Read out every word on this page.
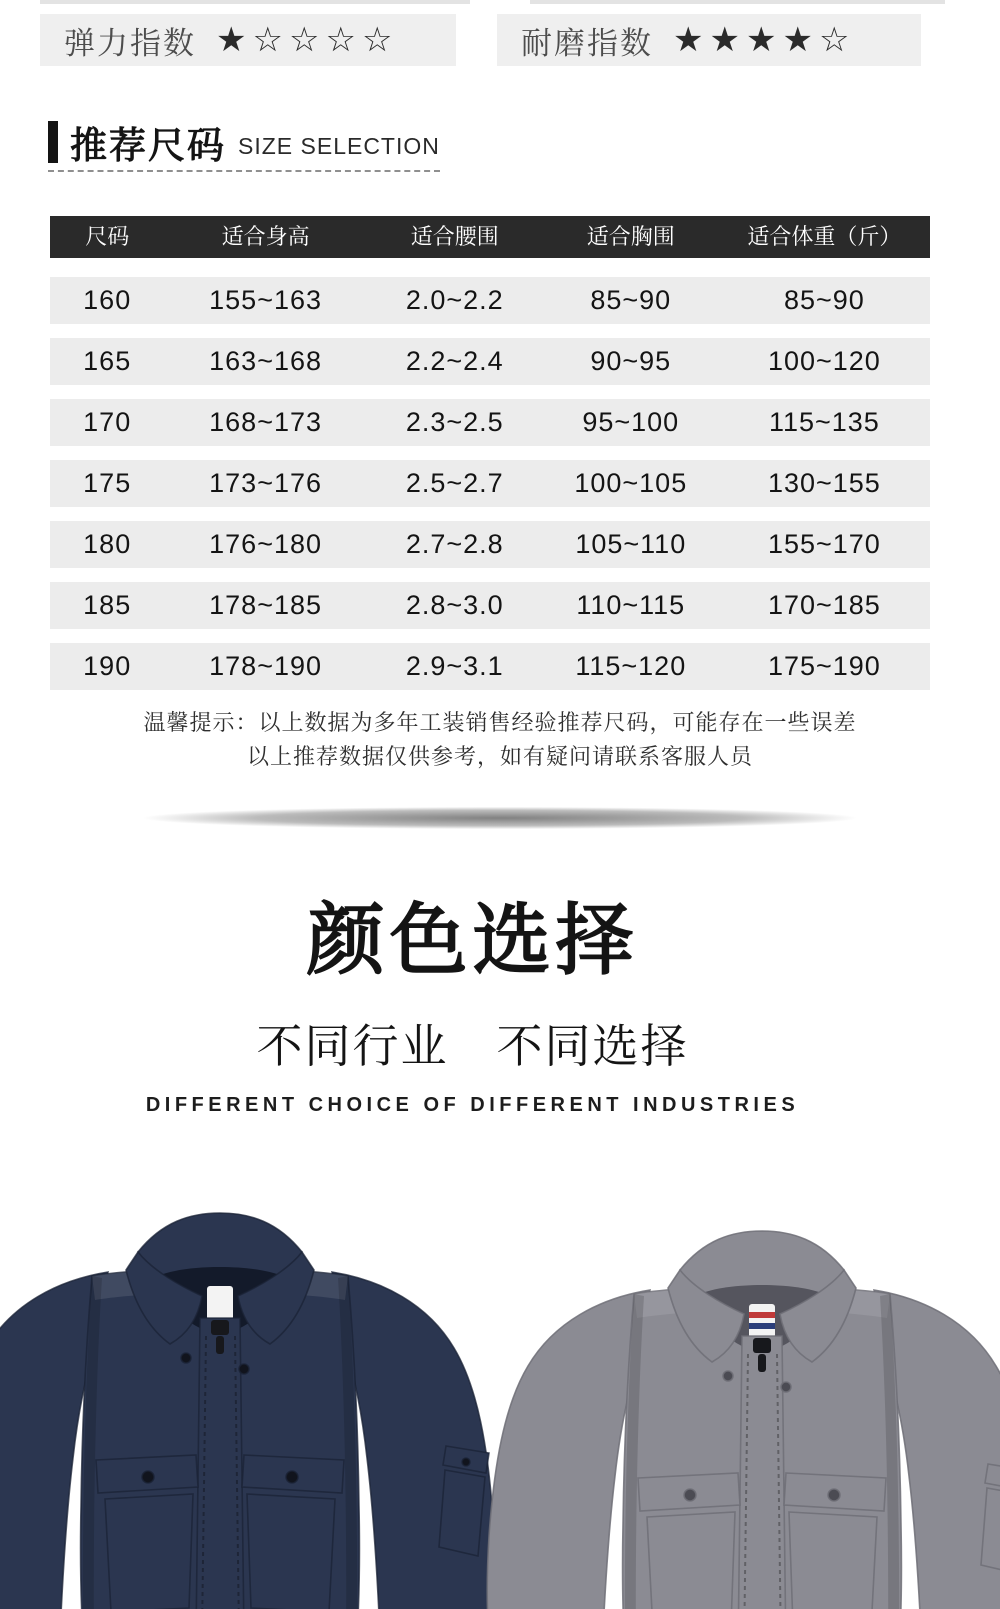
弹力指数 ★ ☆ ☆ ☆ ☆	耐磨指数 ★ ★ ★ ★ ☆
推荐尺码 SIZE SELECTION
尺码	适合身高	适合腰围	适合胸围	适合体重（斤）
160	155~163	2.0~2.2	85~90	85~90
165	163~168	2.2~2.4	90~95	100~120
170	168~173	2.3~2.5	95~100	115~135
175	173~176	2.5~2.7	100~105	130~155
180	176~180	2.7~2.8	105~110	155~170
185	178~185	2.8~3.0	110~115	170~185
190	178~190	2.9~3.1	115~120	175~190
温馨提示：以上数据为多年工装销售经验推荐尺码，可能存在一些误差
以上推荐数据仅供参考，如有疑问请联系客服人员
颜色选择
不同行业　不同选择
DIFFERENT CHOICE OF DIFFERENT INDUSTRIES
